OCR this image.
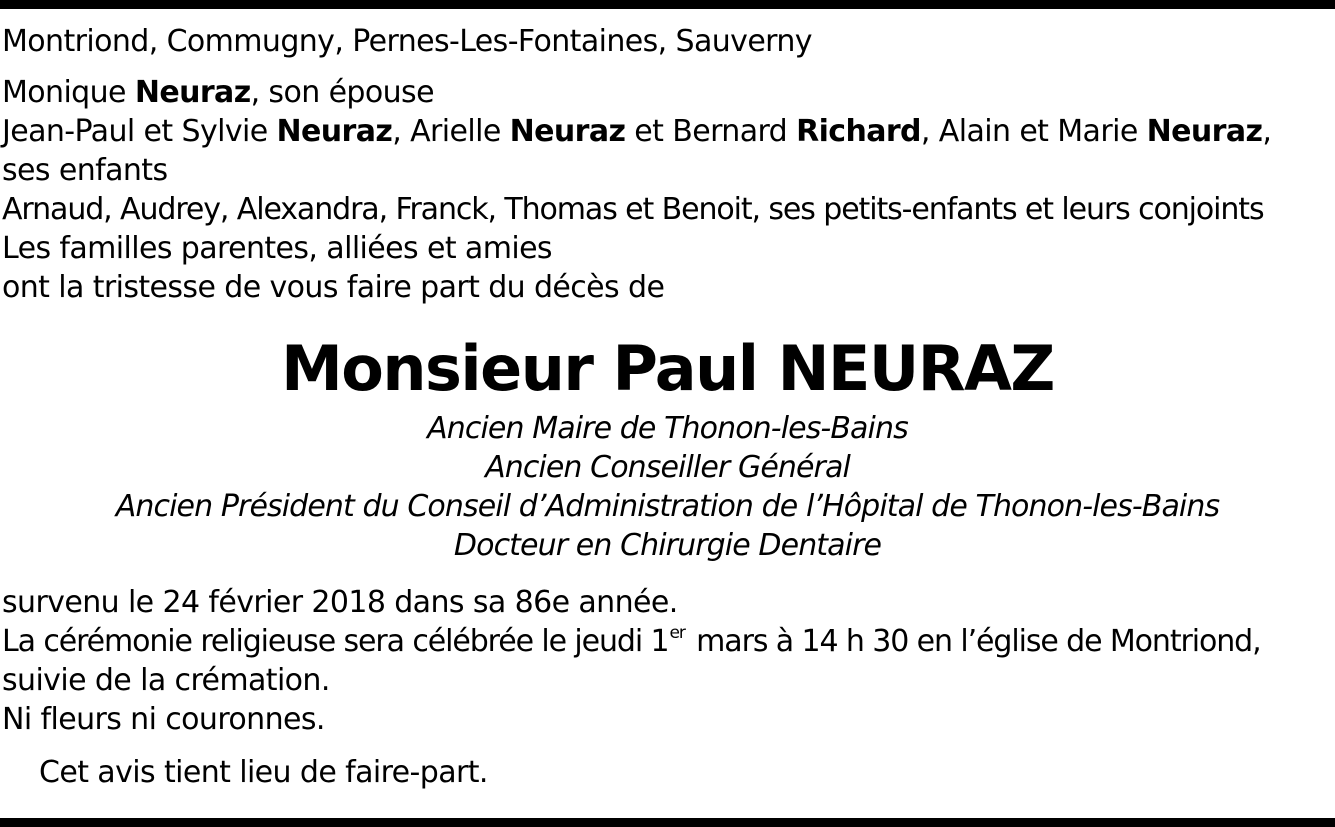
Montriond, Commugny, Pernes-Les-Fontaines, Sauverny
Monique Neuraz, son épouse
Jean-Paul et Sylvie Neuraz, Arielle Neuraz et Bernard Richard, Alain et Marie Neuraz,
ses enfants
Arnaud, Audrey, Alexandra, Franck, Thomas et Benoit, ses petits-enfants et leurs conjoints
Les familles parentes, alliées et amies
ont la tristesse de vous faire part du décès de
Monsieur Paul NEURAZ
Ancien Maire de Thonon-les-Bains
Ancien Conseiller Général
Ancien Président du Conseil d’Administration de l’Hôpital de Thonon-les-Bains
Docteur en Chirurgie Dentaire
survenu le 24 février 2018 dans sa 86e année.
La cérémonie religieuse sera célébrée le jeudi 1er mars à 14 h 30 en l’église de Montriond,
suivie de la crémation.
Ni fleurs ni couronnes.
Cet avis tient lieu de faire-part.
